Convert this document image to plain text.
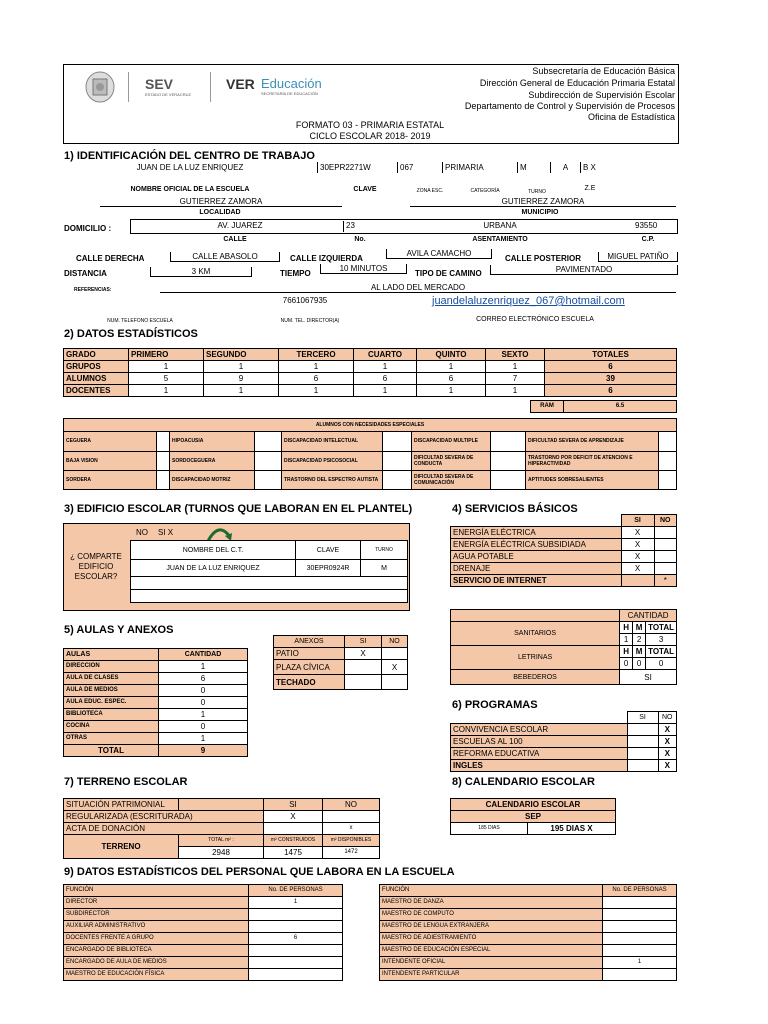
SEV
ESTADO DE VERACRUZ
VER Educación
SECRETARÍA DE EDUCACIÓN
Subsecretaría de Educación Básica
Dirección General de Educación Primaria Estatal
Subdirección de Supervisión Escolar
Departamento de Control y Supervisión de Procesos
Oficina de Estadística
FORMATO 03 - PRIMARIA ESTATAL
CICLO ESCOLAR 2018- 2019
1) IDENTIFICACIÓN DEL CENTRO DE TRABAJO
JUAN DE LA LUZ ENRIQUEZ	30EPR2271W	067	PRIMARIA	M	A	B X
NOMBRE OFICIAL DE LA ESCUELA	CLAVE	ZONA ESC.	CATEGORÍA	TURNO	Z.E
GUTIERREZ ZAMORA	GUTIERREZ ZAMORA
LOCALIDAD	MUNICIPIO
DOMICILIO :	AV. JUAREZ	23	URBANA	93550
CALLE	No.	ASENTAMIENTO	C.P.
CALLE DERECHA	CALLE ABASOLO	CALLE IZQUIERDA
AVILA CAMACHO
CALLE POSTERIOR	MIGUEL PATIÑO
DISTANCIA	3 KM	TIEMPO
10 MINUTOS
TIPO DE CAMINO	PAVIMENTADO
REFERENCIAS:	AL LADO DEL MERCADO
7661067935	juandelaluzenriquez_067@hotmail.com
NUM. TELEFONO ESCUELA	NUM. TEL. DIRECTOR(A)	CORREO ELECTRÓNICO ESCUELA
2) DATOS ESTADÍSTICOS
GRADO	PRIMERO	SEGUNDO	TERCERO	CUARTO	QUINTO	SEXTO	TOTALES
GRUPOS	1	1	1	1	1	1	6
ALUMNOS	5	9	6	6	6	7	39
DOCENTES	1	1	1	1	1	1	6
RAM	6.5
ALUMNOS CON NECESIDADES ESPECIALES									
CEGUERA		HIPOACUSIA		DISCAPACIDAD INTELECTUAL		DISCAPACIDAD MULTIPLE		DIFICULTAD SEVERA DE APRENDIZAJE	
BAJA VISION		SORDOCEGUERA		DISCAPACIDAD PSICOSOCIAL		DIFICULTAD SEVERA DE CONDUCTA		TRASTORNO POR DEFICIT DE ATENCION E HIPERACTIVIDAD	
SORDERA		DISCAPACIDAD MOTRIZ		TRASTORNO DEL ESPECTRO AUTISTA		DIFICULTAD SEVERA DE COMUNICACIÓN		APTITUDES SOBRESALIENTES	
3) EDIFICIO ESCOLAR (TURNOS QUE LABORAN EN EL PLANTEL)
NO SI X
¿ COMPARTE EDIFICIO ESCOLAR?
NOMBRE DEL C.T.	CLAVE	TURNO
JUAN DE LA LUZ ENRIQUEZ	30EPR0924R	M

4) SERVICIOS BÁSICOS
	SI	NO
ENERGÍA ELÉCTRICA	X	
ENERGÍA ELÉCTRICA SUBSIDIADA	X	
AGUA POTABLE	X	
DRENAJE	X	
SERVICIO DE INTERNET		*
	CANTIDAD		
SANITARIOS	H	M	TOTAL
	1	2	3
LETRINAS	H	M	TOTAL
	0	0	0
BEBEDEROS	SI		
5) AULAS Y ANEXOS
AULAS	CANTIDAD
DIRECCION	1
AULA DE CLASES	6
AULA DE MEDIOS	0
AULA EDUC. ESPEC.	0
BIBLIOTECA	1
COCINA	0
OTRAS	1
TOTAL	9
ANEXOS	SI	NO
PATIO	X	
PLAZA CÍVICA		X
TECHADO		
6) PROGRAMAS
	SI	NO
CONVIVENCIA ESCOLAR		X
ESCUELAS AL 100		X
REFORMA EDUCATIVA		X
INGLES		X
7) TERRENO ESCOLAR
SITUACIÓN PATRIMONIAL		SI	NO
REGULARIZADA (ESCRITURADA)		X	
ACTA DE DONACIÓN			x
TERRENO	TOTAL m² :	m² CONSTRUIDOS	m² DISPONIBLES
	2948	1475	1472
8) CALENDARIO ESCOLAR
CALENDARIO ESCOLAR
SEP
185 DIAS	195 DIAS X
9) DATOS ESTADÍSTICOS DEL PERSONAL QUE LABORA EN LA ESCUELA
FUNCIÓN	No. DE PERSONAS
DIRECTOR	1
SUBDIRECTOR	
AUXILIAR ADMINISTRATIVO	
DOCENTES FRENTE A GRUPO	6
ENCARGADO DE BIBLIOTECA	
ENCARGADO DE AULA DE MEDIOS	
MAESTRO DE EDUCACIÓN FÍSICA	
FUNCIÓN	No. DE PERSONAS
MAESTRO DE DANZA	
MAESTRO DE COMPUTO	
MAESTRO DE LENGUA EXTRANJERA	
MAESTRO DE ADIESTRAMIENTO	
MAESTRO DE EDUCACIÓN ESPECIAL	
INTENDENTE OFICIAL	1
INTENDENTE PARTICULAR	
